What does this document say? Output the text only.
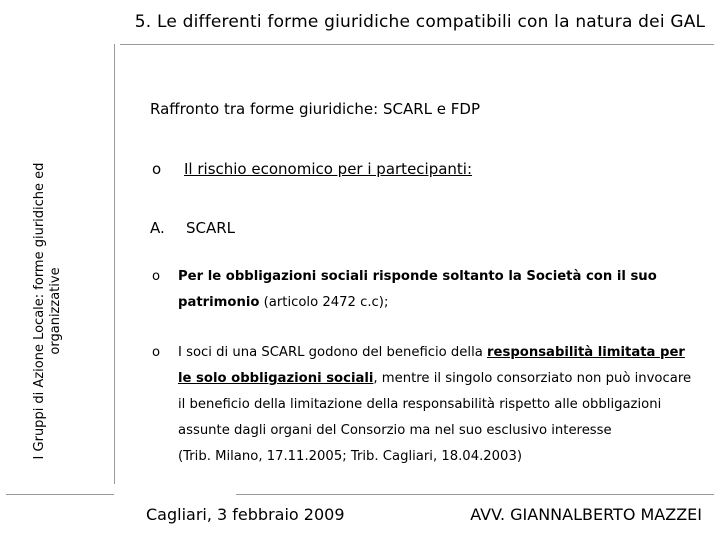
5. Le differenti forme giuridiche compatibili con la natura dei GAL
I Gruppi di Azione Locale: forme giuridiche ed organizzative
Raffronto tra forme giuridiche: SCARL e FDP
o Il rischio economico per i partecipanti:
A. SCARL
o Per le obbligazioni sociali risponde soltanto la Società con il suo patrimonio (articolo 2472 c.c);
o I soci di una SCARL godono del beneficio della responsabilità limitata per le solo obbligazioni sociali, mentre il singolo consorziato non può invocare il beneficio della limitazione della responsabilità rispetto alle obbligazioni assunte dagli organi del Consorzio ma nel suo esclusivo interesse
(Trib. Milano, 17.11.2005; Trib. Cagliari, 18.04.2003)
Cagliari, 3 febbraio 2009	AVV. GIANNALBERTO MAZZEI
